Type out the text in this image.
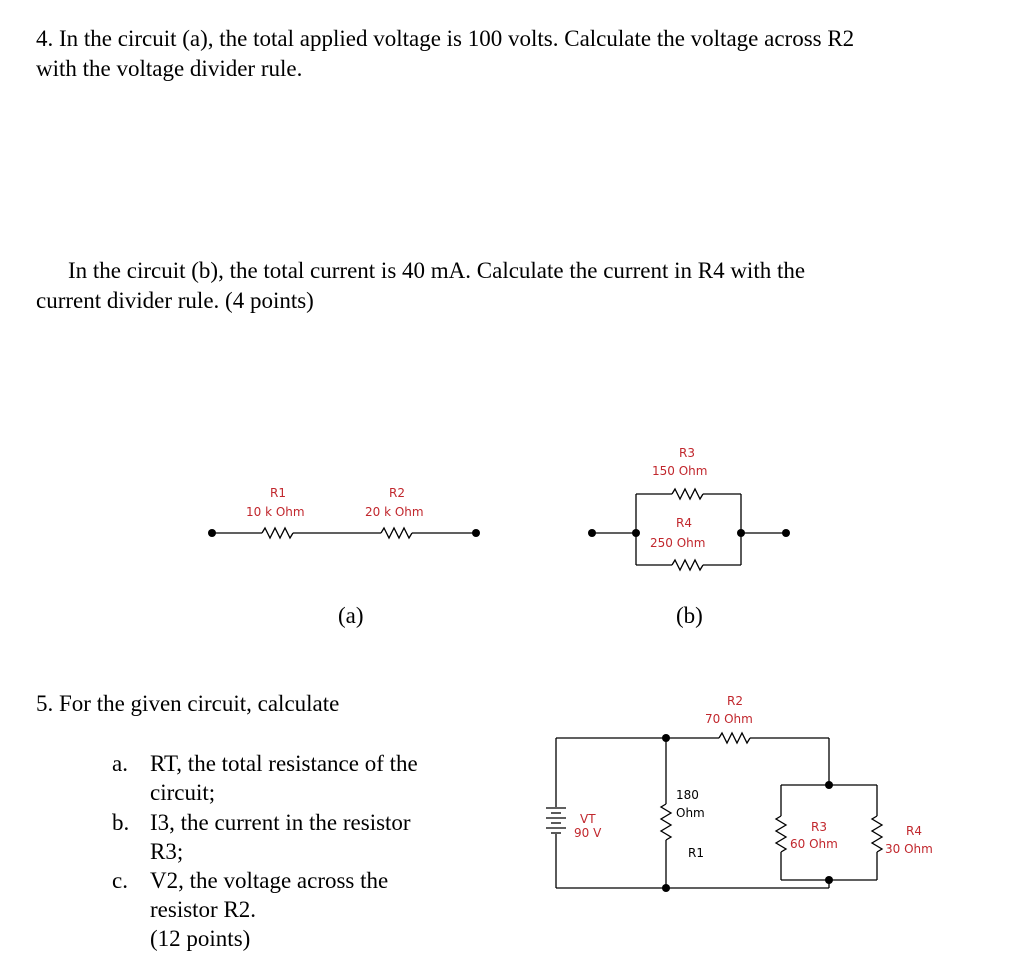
4. In the circuit (a), the total applied voltage is 100 volts. Calculate the voltage across R2
with the voltage divider rule.
In the circuit (b), the total current is 40 mA. Calculate the current in R4 with the
current divider rule. (4 points)
R1
10 k Ohm
R2
20 k Ohm
(a)
R3
150 Ohm
R4
250 Ohm
(b)
5. For the given circuit, calculate
a. RT, the total resistance of the
circuit;
b. I3, the current in the resistor
R3;
c. V2, the voltage across the
resistor R2.
(12 points)
R2
70 Ohm
VT
90 V
180
Ohm
R1
R3
60 Ohm
R4
30 Ohm
